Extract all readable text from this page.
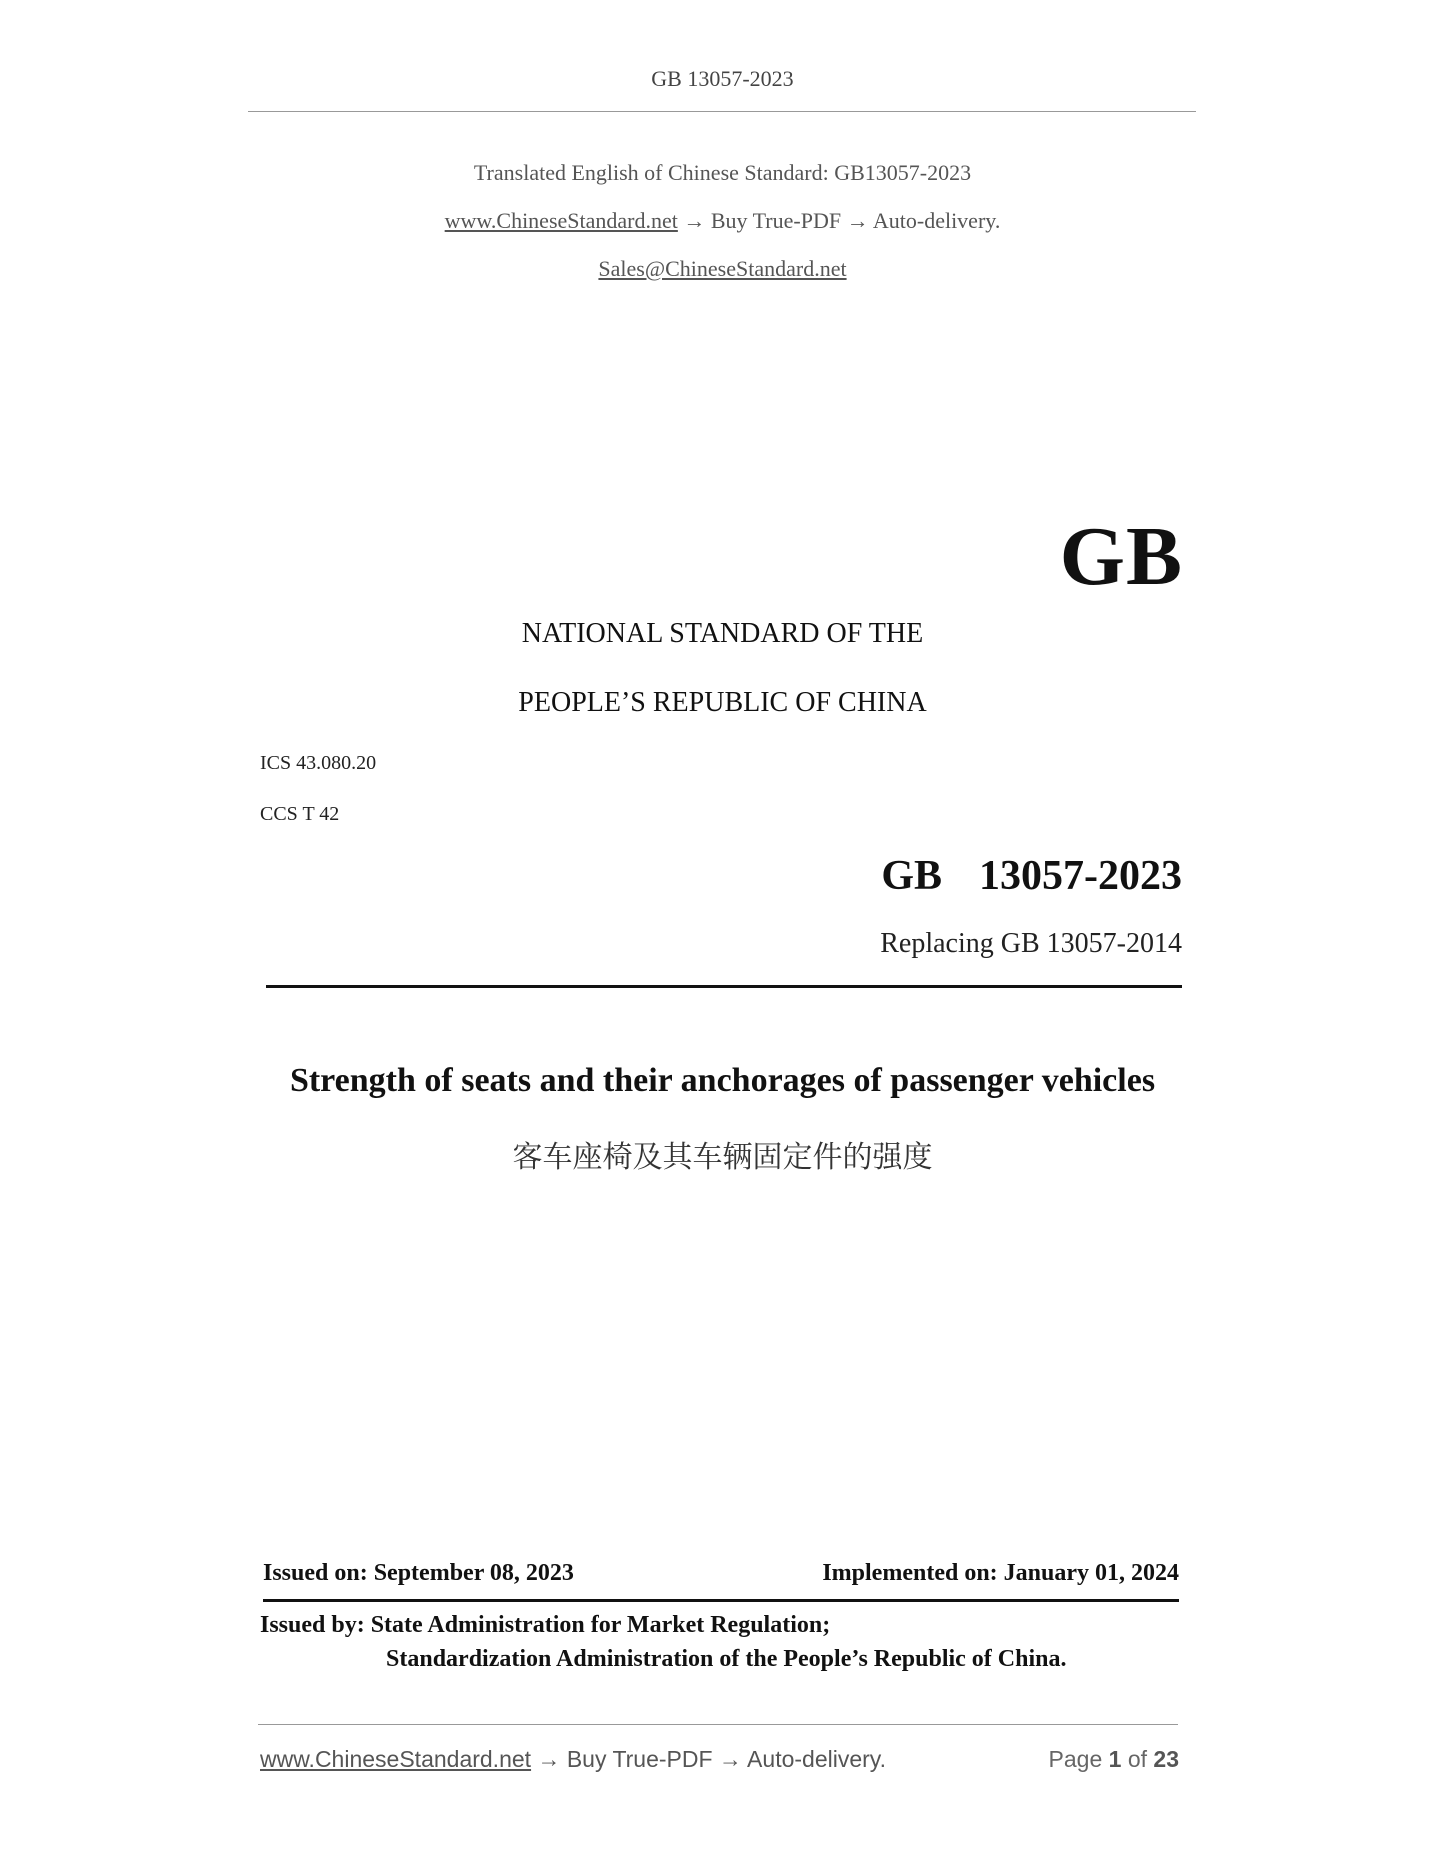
GB 13057-2023
Translated English of Chinese Standard: GB13057-2023
www.ChineseStandard.net → Buy True-PDF → Auto-delivery.
Sales@ChineseStandard.net
GB
NATIONAL STANDARD OF THE
PEOPLE’S REPUBLIC OF CHINA
ICS 43.080.20
CCS T 42
GB  13057-2023
Replacing GB 13057-2014
Strength of seats and their anchorages of passenger vehicles
客车座椅及其车辆固定件的强度
Issued on: September 08, 2023	Implemented on: January 01, 2024
Issued by: State Administration for Market Regulation;
Standardization Administration of the People’s Republic of China.
www.ChineseStandard.net → Buy True-PDF → Auto-delivery.	Page 1 of 23
